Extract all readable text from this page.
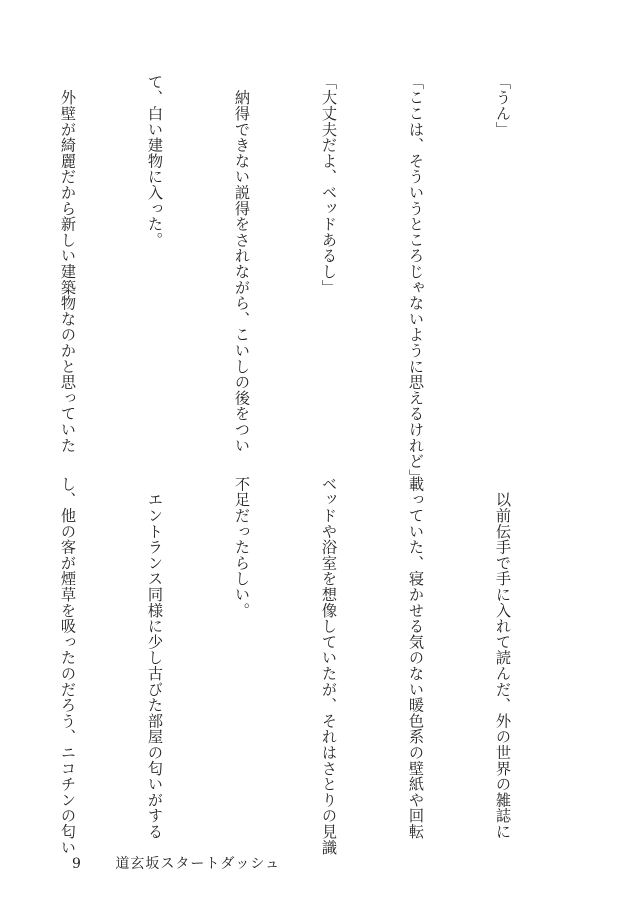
「うん」

「ここは、そういうところじゃないように思えるけれど」

「大丈夫だよ、ベッドあるし」

　納得できない説得をされながら、こいしの後をつい

て、白い建物に入った。

　外壁が綺麗だから新しい建築物なのかと思っていた

　以前伝手で手に入れて読んだ、外の世界の雑誌に

載っていた、寝かせる気のない暖色系の壁紙や回転

ベッドや浴室を想像していたが、それはさとりの見識

不足だったらしい。

　エントランス同様に少し古びた部屋の匂いがする

し、他の客が煙草を吸ったのだろう、ニコチンの匂い

9 道玄坂スタートダッシュ
